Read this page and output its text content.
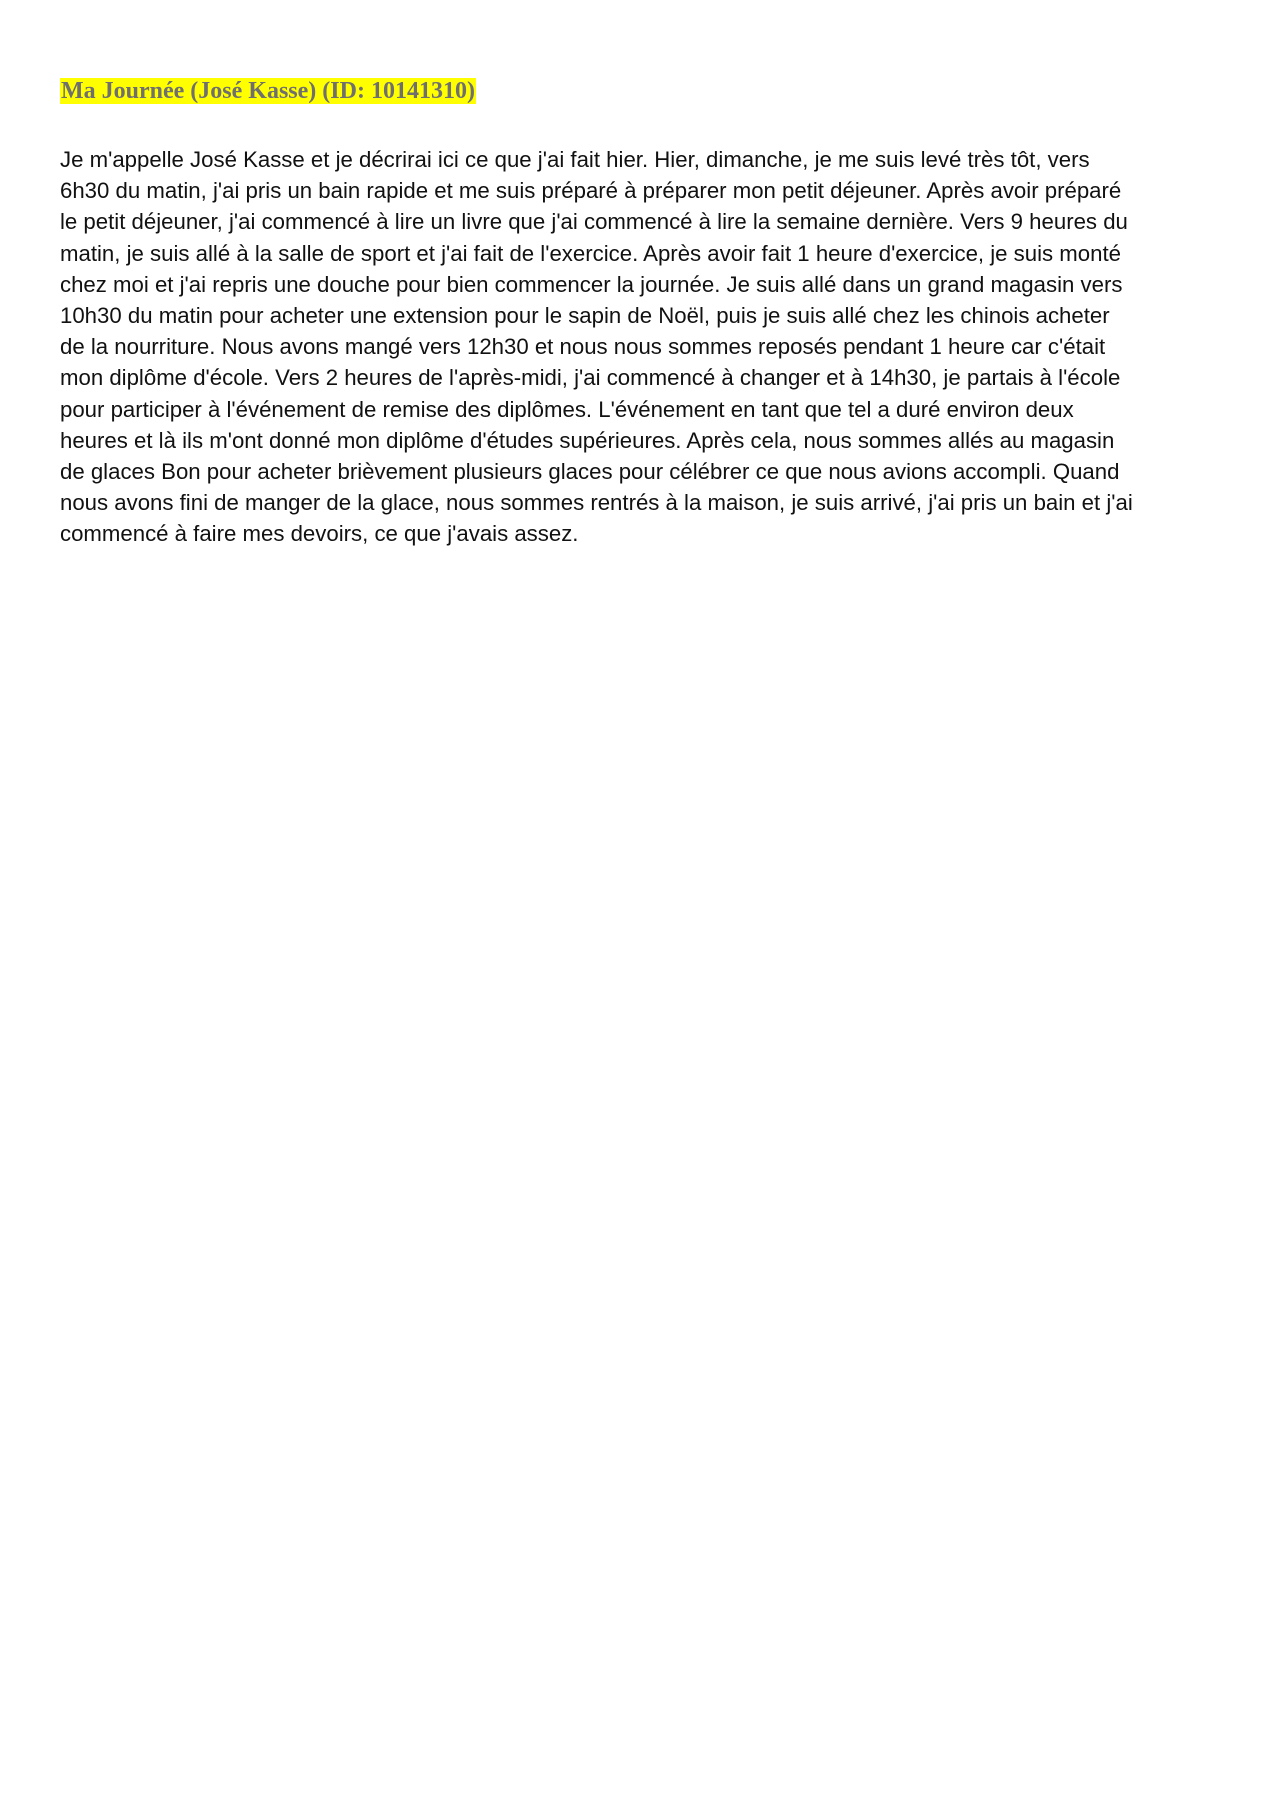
Ma Journée (José Kasse) (ID: 10141310)
Je m'appelle José Kasse et je décrirai ici ce que j'ai fait hier. Hier, dimanche, je me suis levé très tôt, vers
6h30 du matin, j'ai pris un bain rapide et me suis préparé à préparer mon petit déjeuner. Après avoir préparé
le petit déjeuner, j'ai commencé à lire un livre que j'ai commencé à lire la semaine dernière. Vers 9 heures du
matin, je suis allé à la salle de sport et j'ai fait de l'exercice. Après avoir fait 1 heure d'exercice, je suis monté
chez moi et j'ai repris une douche pour bien commencer la journée. Je suis allé dans un grand magasin vers
10h30 du matin pour acheter une extension pour le sapin de Noël, puis je suis allé chez les chinois acheter
de la nourriture. Nous avons mangé vers 12h30 et nous nous sommes reposés pendant 1 heure car c'était
mon diplôme d'école. Vers 2 heures de l'après-midi, j'ai commencé à changer et à 14h30, je partais à l'école
pour participer à l'événement de remise des diplômes. L'événement en tant que tel a duré environ deux
heures et là ils m'ont donné mon diplôme d'études supérieures. Après cela, nous sommes allés au magasin
de glaces Bon pour acheter brièvement plusieurs glaces pour célébrer ce que nous avions accompli. Quand
nous avons fini de manger de la glace, nous sommes rentrés à la maison, je suis arrivé, j'ai pris un bain et j'ai
commencé à faire mes devoirs, ce que j'avais assez.
